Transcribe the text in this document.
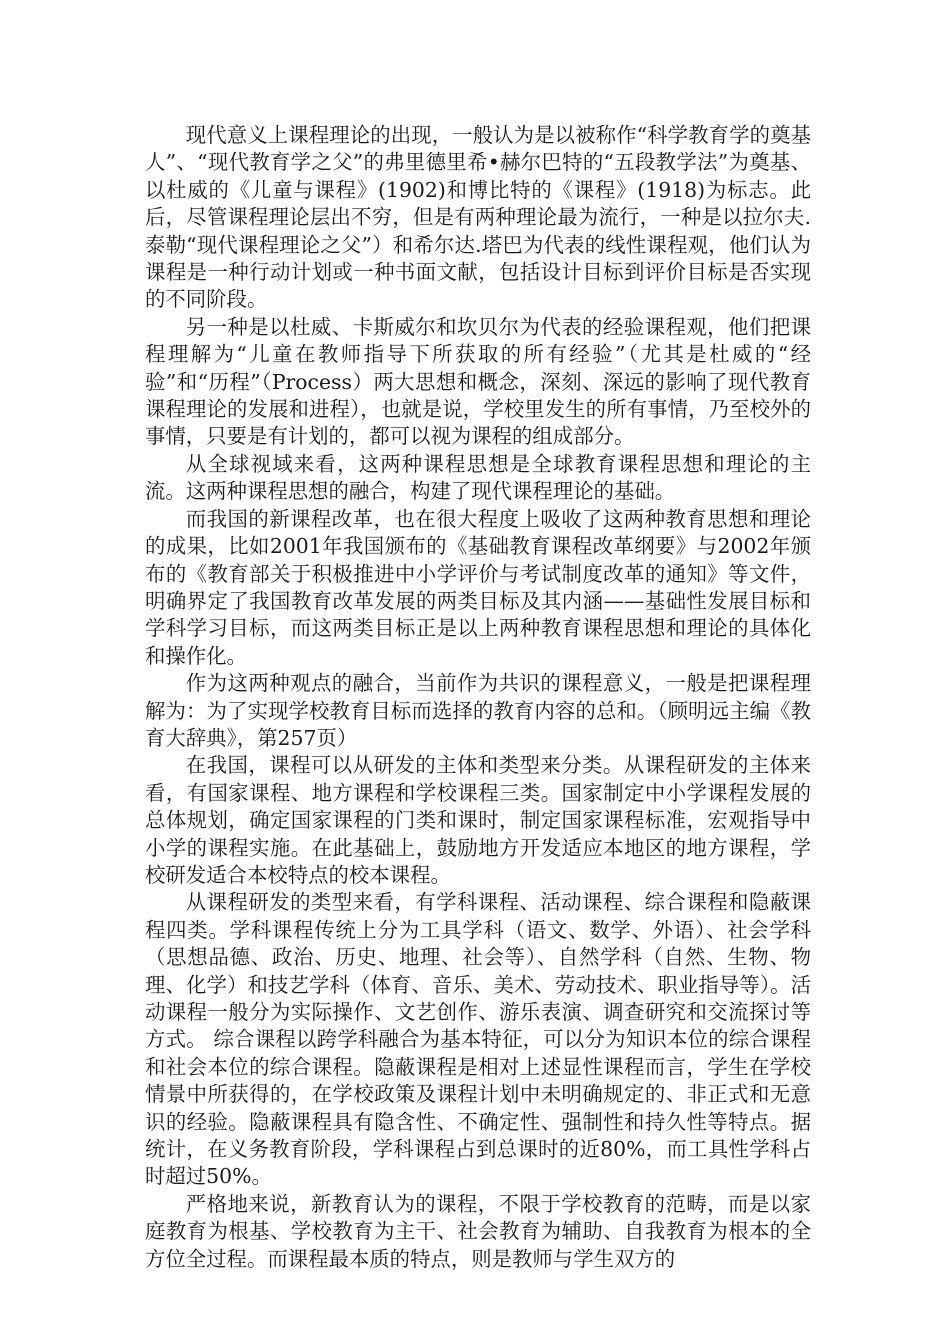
现代意义上课程理论的出现，一般认为是以被称作“科学教育学的奠基人”、“现代教育学之父”的弗里德里希•赫尔巴特的“五段教学法”为奠基、以杜威的《儿童与课程》(1902)和博比特的《课程》(1918)为标志。此后，尽管课程理论层出不穷，但是有两种理论最为流行，一种是以拉尔夫.泰勒“现代课程理论之父”）和希尔达.塔巴为代表的线性课程观，他们认为课程是一种行动计划或一种书面文献，包括设计目标到评价目标是否实现的不同阶段。

另一种是以杜威、卡斯威尔和坎贝尔为代表的经验课程观，他们把课程理解为“儿童在教师指导下所获取的所有经验”（尤其是杜威的“经验”和“历程”（Process）两大思想和概念，深刻、深远的影响了现代教育课程理论的发展和进程），也就是说，学校里发生的所有事情，乃至校外的事情，只要是有计划的，都可以视为课程的组成部分。

从全球视域来看，这两种课程思想是全球教育课程思想和理论的主流。这两种课程思想的融合，构建了现代课程理论的基础。

而我国的新课程改革，也在很大程度上吸收了这两种教育思想和理论的成果，比如2001年我国颁布的《基础教育课程改革纲要》与2002年颁布的《教育部关于积极推进中小学评价与考试制度改革的通知》等文件，明确界定了我国教育改革发展的两类目标及其内涵——基础性发展目标和学科学习目标，而这两类目标正是以上两种教育课程思想和理论的具体化和操作化。

作为这两种观点的融合，当前作为共识的课程意义，一般是把课程理解为：为了实现学校教育目标而选择的教育内容的总和。（顾明远主编《教育大辞典》，第257页）

在我国，课程可以从研发的主体和类型来分类。从课程研发的主体来看，有国家课程、地方课程和学校课程三类。国家制定中小学课程发展的总体规划，确定国家课程的门类和课时，制定国家课程标准，宏观指导中小学的课程实施。在此基础上，鼓励地方开发适应本地区的地方课程，学校研发适合本校特点的校本课程。

从课程研发的类型来看，有学科课程、活动课程、综合课程和隐蔽课程四类。学科课程传统上分为工具学科（语文、数学、外语）、社会学科（思想品德、政治、历史、地理、社会等）、自然学科（自然、生物、物理、化学）和技艺学科（体育、音乐、美术、劳动技术、职业指导等）。活动课程一般分为实际操作、文艺创作、游乐表演、调查研究和交流探讨等方式。 综合课程以跨学科融合为基本特征，可以分为知识本位的综合课程和社会本位的综合课程。隐蔽课程是相对上述显性课程而言，学生在学校情景中所获得的，在学校政策及课程计划中未明确规定的、非正式和无意识的经验。隐蔽课程具有隐含性、不确定性、强制性和持久性等特点。据统计，在义务教育阶段，学科课程占到总课时的近80%，而工具性学科占时超过50%。

严格地来说，新教育认为的课程，不限于学校教育的范畴，而是以家庭教育为根基、学校教育为主干、社会教育为辅助、自我教育为根本的全方位全过程。而课程最本质的特点，则是教师与学生双方的
